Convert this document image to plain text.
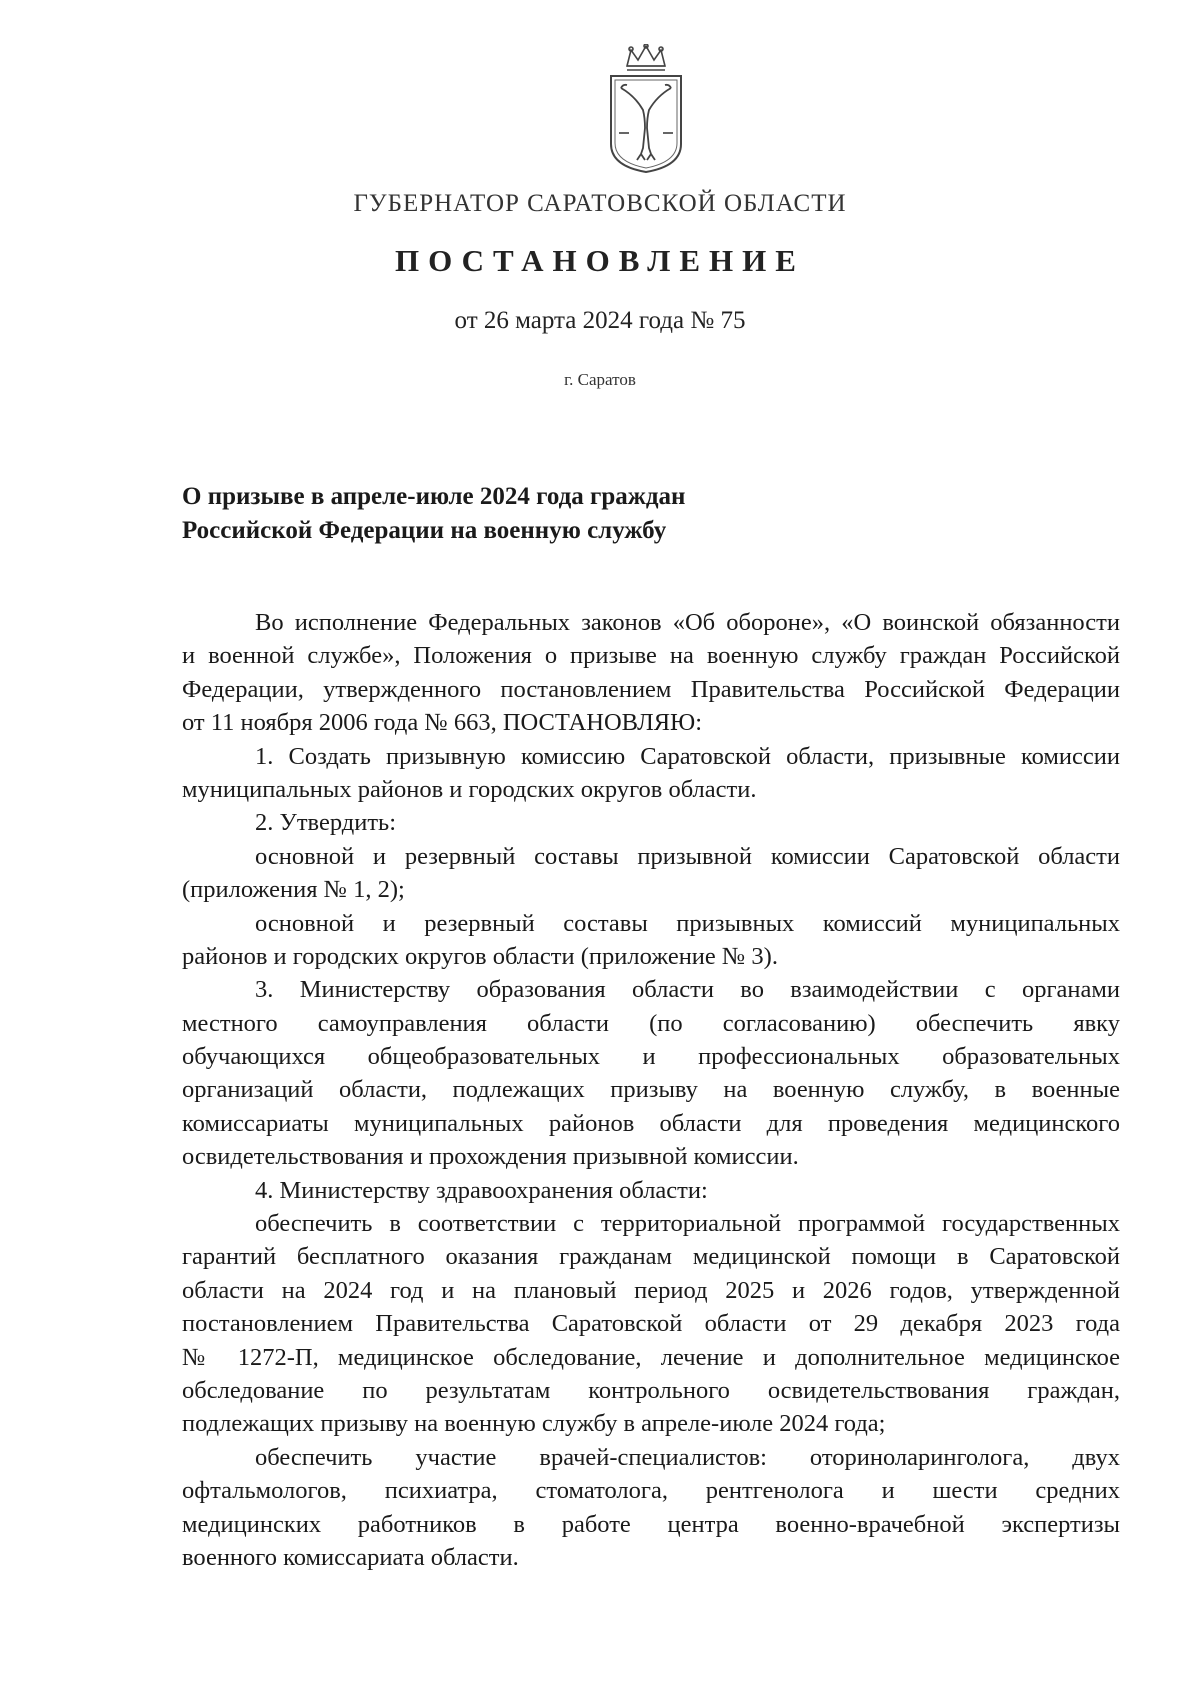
ГУБЕРНАТОР САРАТОВСКОЙ ОБЛАСТИ
ПОСТАНОВЛЕНИЕ
от 26 марта 2024 года № 75
г. Саратов
О призыве в апреле-июле 2024 года граждан
Российской Федерации на военную службу
Во исполнение Федеральных законов «Об обороне», «О воинской обязанности
и военной службе», Положения о призыве на военную службу граждан Российской
Федерации, утвержденного постановлением Правительства Российской Федерации
от 11 ноября 2006 года № 663, ПОСТАНОВЛЯЮ:
1. Создать призывную комиссию Саратовской области, призывные комиссии
муниципальных районов и городских округов области.
2. Утвердить:
основной и резервный составы призывной комиссии Саратовской области
(приложения № 1, 2);
основной и резервный составы призывных комиссий муниципальных
районов и городских округов области (приложение № 3).
3. Министерству образования области во взаимодействии с органами
местного самоуправления области (по согласованию) обеспечить явку
обучающихся общеобразовательных и профессиональных образовательных
организаций области, подлежащих призыву на военную службу, в военные
комиссариаты муниципальных районов области для проведения медицинского
освидетельствования и прохождения призывной комиссии.
4. Министерству здравоохранения области:
обеспечить в соответствии с территориальной программой государственных
гарантий бесплатного оказания гражданам медицинской помощи в Саратовской
области на 2024 год и на плановый период 2025 и 2026 годов, утвержденной
постановлением Правительства Саратовской области от 29 декабря 2023 года
№ 1272-П, медицинское обследование, лечение и дополнительное медицинское
обследование по результатам контрольного освидетельствования граждан,
подлежащих призыву на военную службу в апреле-июле 2024 года;
обеспечить участие врачей-специалистов: оториноларинголога, двух
офтальмологов, психиатра, стоматолога, рентгенолога и шести средних
медицинских работников в работе центра военно-врачебной экспертизы
военного комиссариата области.
